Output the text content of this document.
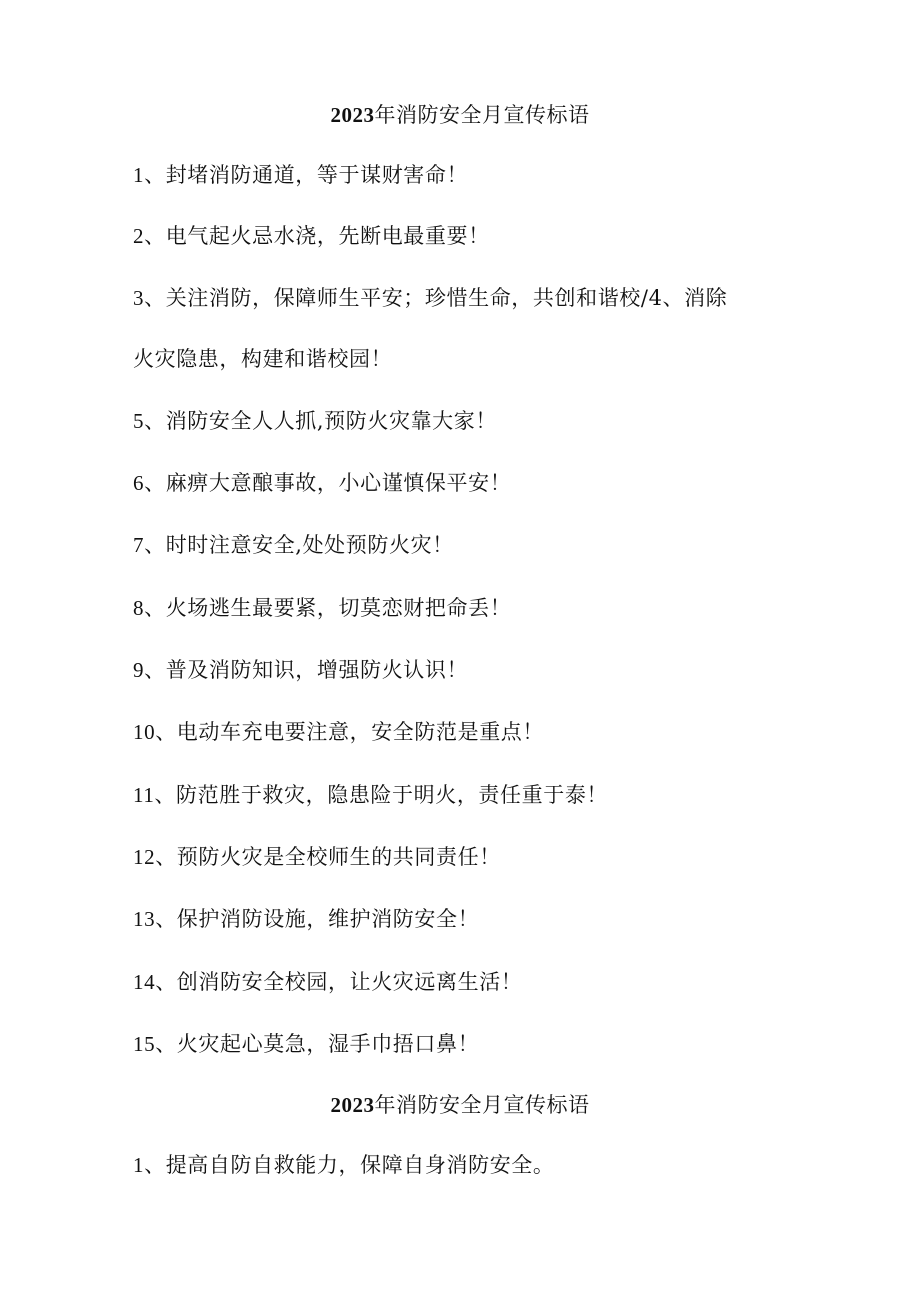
2023年消防安全月宣传标语
1、封堵消防通道，等于谋财害命！
2、电气起火忌水浇，先断电最重要！
3、关注消防，保障师生平安；珍惜生命，共创和谐校/4、消除
火灾隐患，构建和谐校园！
5、消防安全人人抓,预防火灾靠大家！
6、麻痹大意酿事故，小心谨慎保平安！
7、时时注意安全,处处预防火灾！
8、火场逃生最要紧，切莫恋财把命丢！
9、普及消防知识，增强防火认识！
10、电动车充电要注意，安全防范是重点！
11、防范胜于救灾，隐患险于明火，责任重于泰！
12、预防火灾是全校师生的共同责任！
13、保护消防设施，维护消防安全！
14、创消防安全校园，让火灾远离生活！
15、火灾起心莫急，湿手巾捂口鼻！
2023年消防安全月宣传标语
1、提高自防自救能力，保障自身消防安全。
